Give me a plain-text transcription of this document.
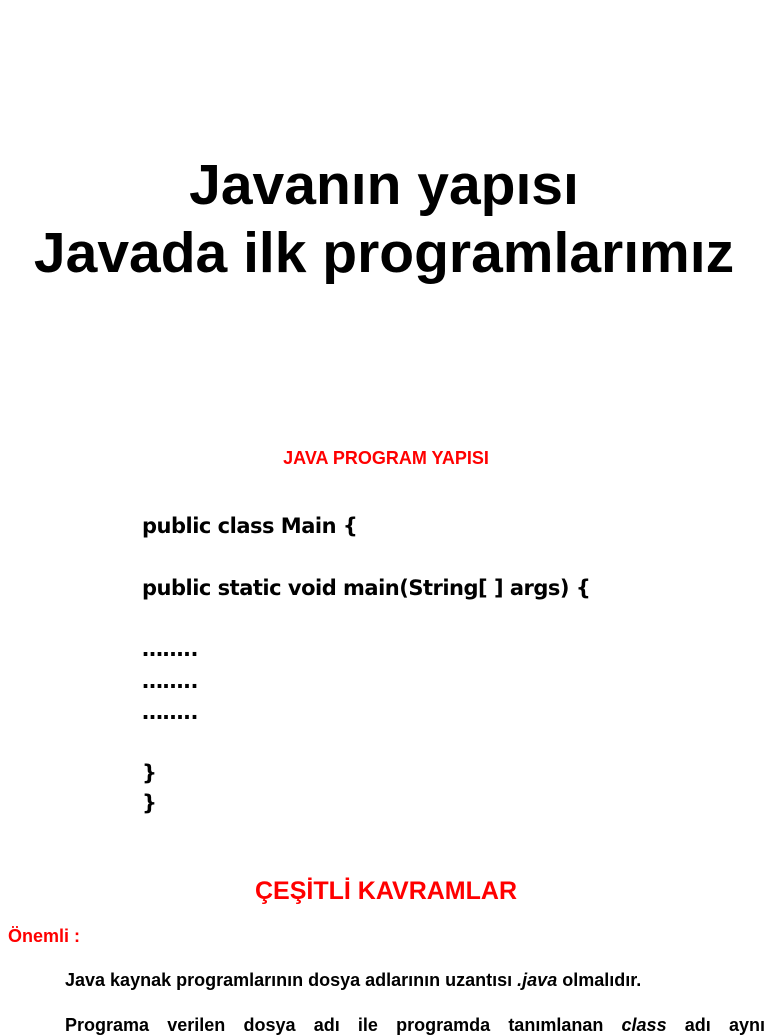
Javanın yapısı
Javada ilk programlarımız
JAVA PROGRAM YAPISI
public class Main {
public static void main(String[ ] args) {
……..
……..
……..
}
}
ÇEŞİTLİ KAVRAMLAR
Önemli :
Java kaynak programlarının dosya adlarının uzantısı .java olmalıdır.
Programa verilen dosya adı ile programda tanımlanan class adı aynı
